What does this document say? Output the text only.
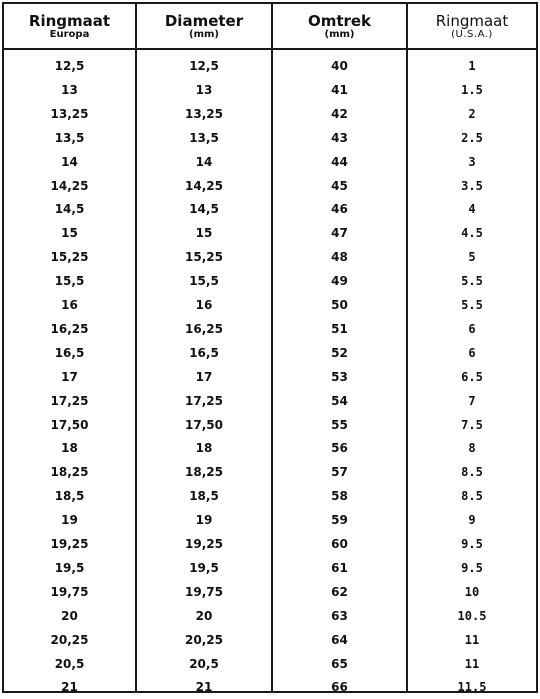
Ringmaat
Europa
Diameter
(mm)
Omtrek
(mm)
Ringmaat
(U.S.A.)
12,5
13
13,25
13,5
14
14,25
14,5
15
15,25
15,5
16
16,25
16,5
17
17,25
17,50
18
18,25
18,5
19
19,25
19,5
19,75
20
20,25
20,5
21
12,5
13
13,25
13,5
14
14,25
14,5
15
15,25
15,5
16
16,25
16,5
17
17,25
17,50
18
18,25
18,5
19
19,25
19,5
19,75
20
20,25
20,5
21
40
41
42
43
44
45
46
47
48
49
50
51
52
53
54
55
56
57
58
59
60
61
62
63
64
65
66
1
1.5
2
2.5
3
3.5
4
4.5
5
5.5
5.5
6
6
6.5
7
7.5
8
8.5
8.5
9
9.5
9.5
10
10.5
11
11
11.5
